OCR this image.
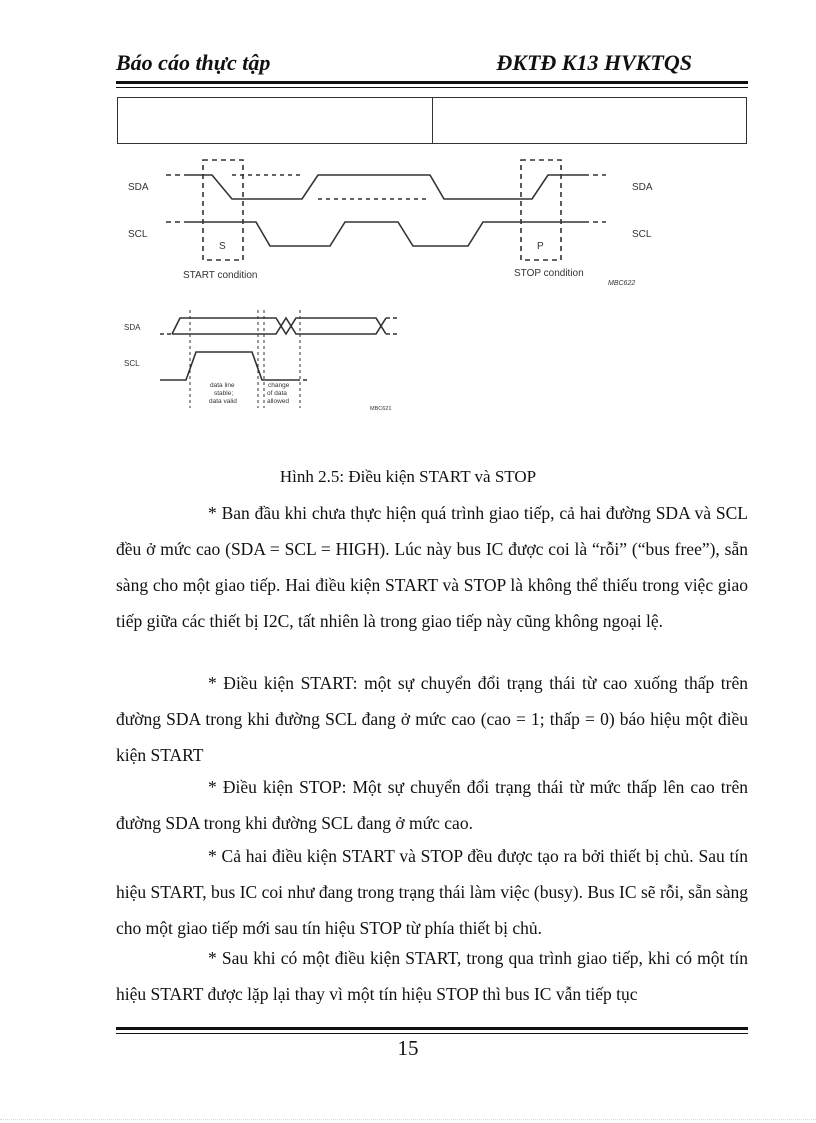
Báo cáo thực tập	ĐKTĐ K13 HVKTQS
SDA
SCL
SDA
SCL
S	P
START condition	STOP condition
MBC622
SDA
SCL
data line
stable;
data valid
change
of data
allowed
MBC621
Hình 2.5: Điều kiện START và STOP

* Ban đầu khi chưa thực hiện quá trình giao tiếp, cả hai đường SDA và SCL đều ở mức cao (SDA = SCL = HIGH). Lúc này bus IC được coi là “rỗi” (“bus free”), sẵn sàng cho một giao tiếp. Hai điều kiện START và STOP là không thể thiếu trong việc giao tiếp giữa các thiết bị I2C, tất nhiên là trong giao tiếp này cũng không ngoại lệ.

* Điều kiện START: một sự chuyển đổi trạng thái từ cao xuống thấp trên đường SDA trong khi đường SCL đang ở mức cao (cao = 1; thấp = 0) báo hiệu một điều kiện START

* Điều kiện STOP: Một sự chuyển đổi trạng thái từ mức thấp lên cao trên đường SDA trong khi đường SCL đang ở mức cao.

* Cả hai điều kiện START và STOP đều được tạo ra bởi thiết bị chủ. Sau tín hiệu START, bus IC coi như đang trong trạng thái làm việc (busy). Bus IC sẽ rỗi, sẵn sàng cho một giao tiếp mới sau tín hiệu STOP từ phía thiết bị chủ.

* Sau khi có một điều kiện START, trong qua trình giao tiếp, khi có một tín hiệu START được lặp lại thay vì một tín hiệu STOP thì bus IC vẫn tiếp tục

15
